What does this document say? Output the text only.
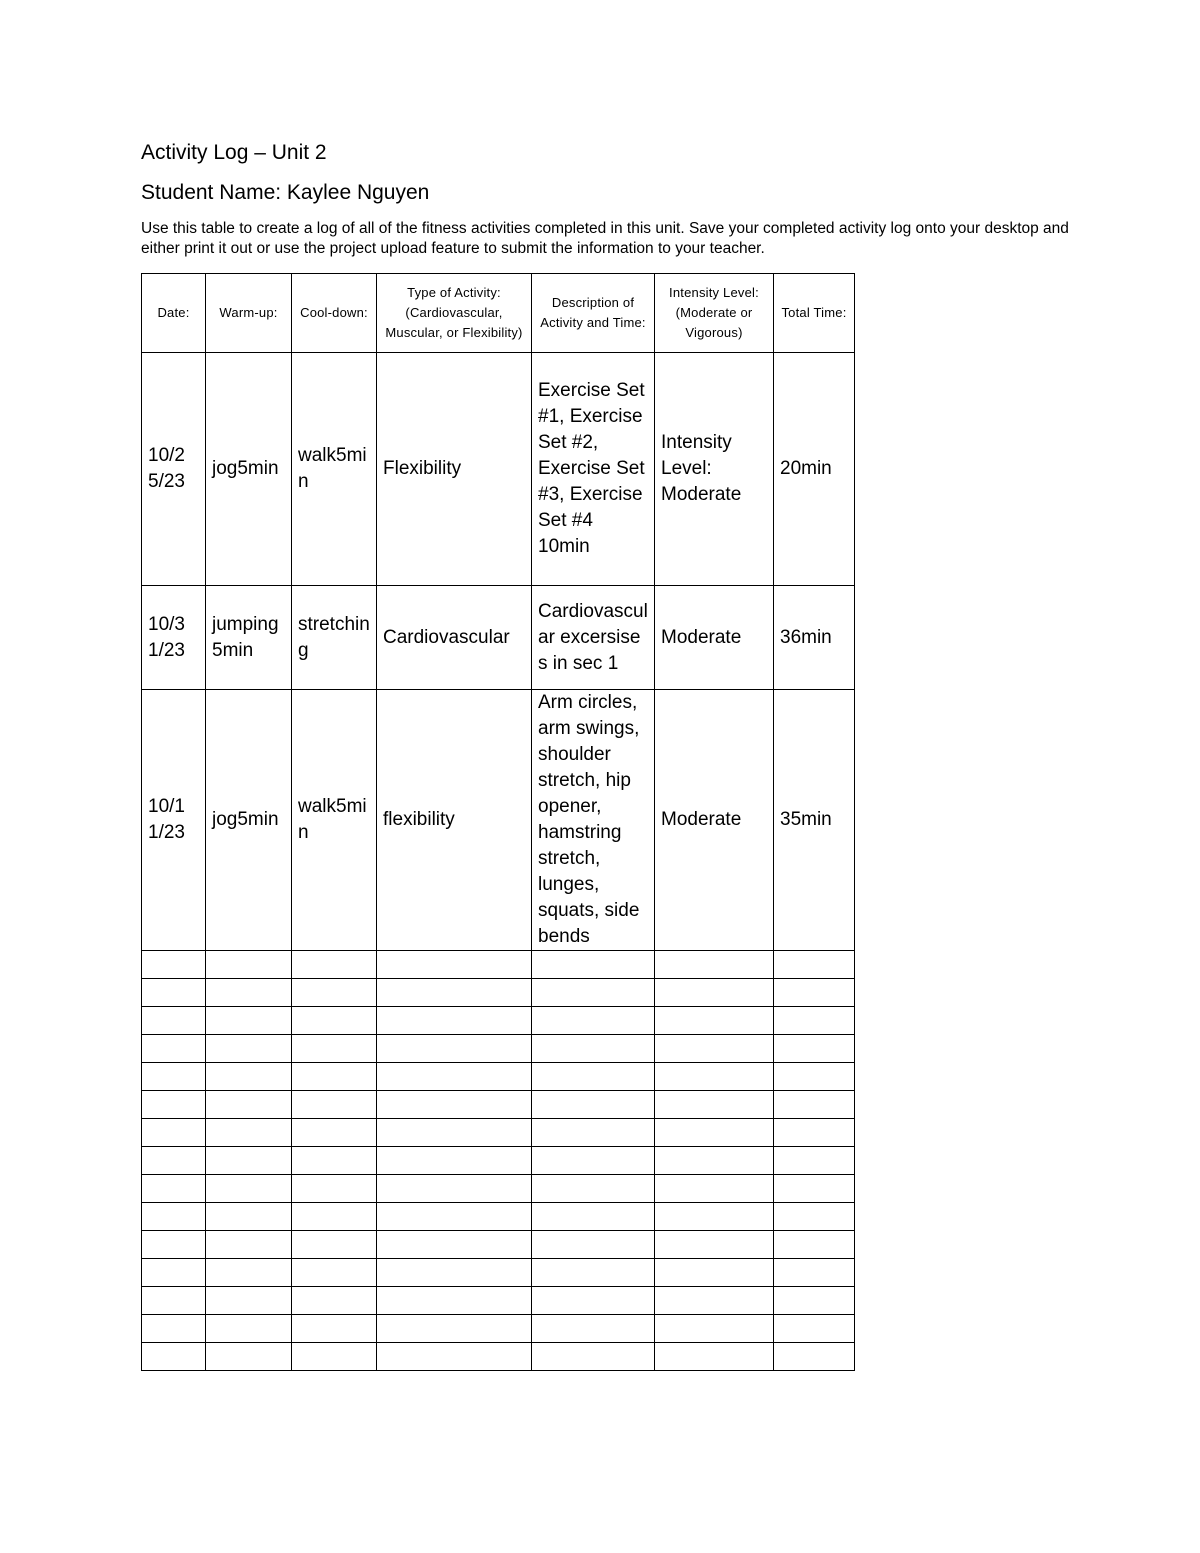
Activity Log – Unit 2

Student Name: Kaylee Nguyen

Use this table to create a log of all of the fitness activities completed in this unit. Save your completed activity log onto your desktop and either print it out or use the project upload feature to submit the information to your teacher.

Date:	Warm-up:	Cool-down:	Type of Activity: (Cardiovascular, Muscular, or Flexibility)	Description of Activity and Time:	Intensity Level: (Moderate or Vigorous)	Total Time:

10/25/23	jog5min	walk5min	Flexibility	Exercise Set #1, Exercise Set #2, Exercise Set #3, Exercise Set #4 10min	Intensity Level: Moderate	20min

10/31/23	jumping 5min	stretching	Cardiovascular	Cardiovascular excersises in sec 1	Moderate	36min

10/11/23	jog5min	walk5min	flexibility	Arm circles, arm swings, shoulder stretch, hip opener, hamstring stretch, lunges, squats, side bends	Moderate	35min
